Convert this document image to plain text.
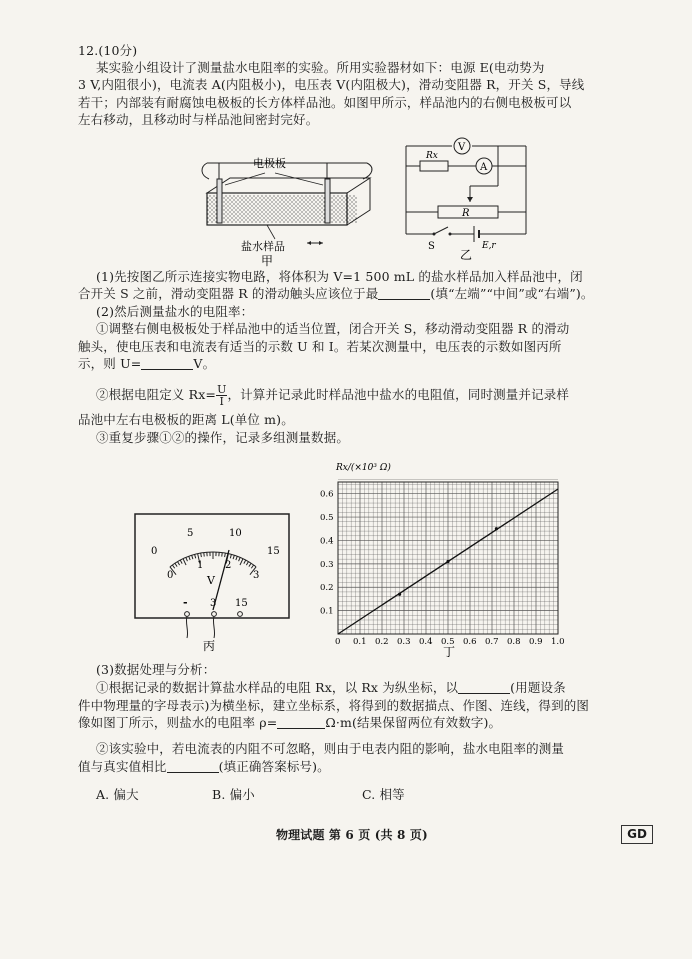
12.(10分)
某实验小组设计了测量盐水电阻率的实验。所用实验器材如下：电源 E(电动势为
3 V,内阻很小)，电流表 A(内阻极小)，电压表 V(内阻极大)，滑动变阻器 R，开关 S，导线
若干；内部装有耐腐蚀电极板的长方体样品池。如图甲所示，样品池内的右侧电极板可以
左右移动，且移动时与样品池间密封完好。
电极板
盐水样品
甲
V
Rx
A
R
S	E,r
乙
(1)先按图乙所示连接实物电路，将体积为 V=1 500 mL 的盐水样品加入样品池中，闭
合开关 S 之前，滑动变阻器 R 的滑动触头应该位于最	(填“左端”“中间”或“右端”)。
(2)然后测量盐水的电阻率：
①调整右侧电极板处于样品池中的适当位置，闭合开关 S，移动滑动变阻器 R 的滑动
触头，使电压表和电流表有适当的示数 U 和 I。若某次测量中，电压表的示数如图丙所
示，则 U=	V。
②根据电阻定义 $Rx= \frac{U}{I}$ ，计算并记录此时样品池中盐水的电阻值，同时测量并记录样
品池中左右电极板的距离 L(单位 m)。
③重复步骤①②的操作，记录多组测量数据。
0
5	10
15
0
1 2
3
V
- 3 15
丙
Rx/(×10³ Ω)
0 0.1 0.2 0.3 0.4 0.5 0.6 0.7 0.8 0.9 1.0
0.1
0.2
0.3
0.4
0.5
0.6
丁
(3)数据处理与分析：
①根据记录的数据计算盐水样品的电阻 Rx，以 Rx 为纵坐标，以	(用题设条
件中物理量的字母表示)为横坐标，建立坐标系，将得到的数据描点、作图、连线，得到的图
像如图丁所示，则盐水的电阻率 ρ=	Ω·m(结果保留两位有效数字)。
②该实验中，若电流表的内阻不可忽略，则由于电表内阻的影响，盐水电阻率的测量
值与真实值相比	(填正确答案标号)。
A. 偏大	B. 偏小	C. 相等
物理试题 第 6 页 (共 8 页)	GD
